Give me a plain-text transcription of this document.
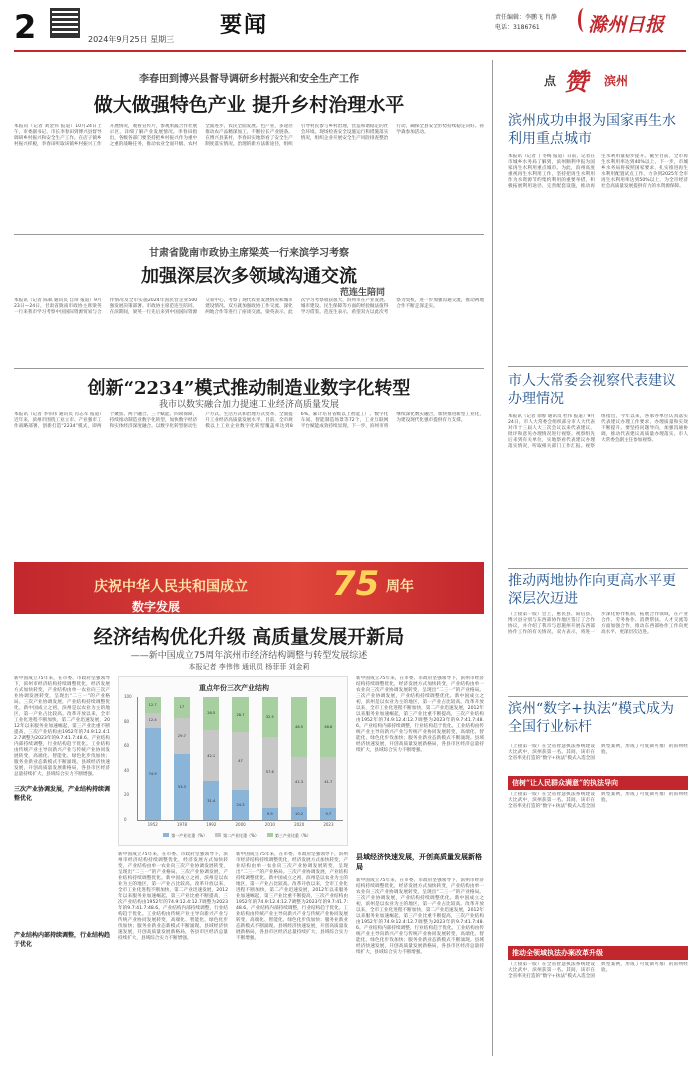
2	要闻
2024年9月25日 星期三
责任编辑：李鹏飞 肖静
电话：3186761	滁州日报
李春田到博兴县督导调研乡村振兴和安全生产工作
做大做强特色产业 提升乡村治理水平
本报讯（记者 刘金伟 报道）10月24日上午，市委副书记、市长李春田到博兴县督导调研乡村振兴和安全生产工作。在店子镇乡村振兴样板，李春田听取该镇乡村振兴工作开展情况，观看宣传片，参观果蔬合作社展示区，详细了解产业发展情况。李春田指出，各级各部门要坚持把乡村振兴作为重中之重的战略任务，推动农业全面升级、农村全面进步、农民全面发展。色产业，多途径推动农产品精深加工，不断拉长产业链条。在博兴县某村，李春田实地察看了安全生产制度落实情况。治理的新方法新途径，组织引导村民参与乡村治理，营造和谐稳定的社会环境。现场检查安全设施运行和措施落实情况，组织企业开展安全生产风险排查整治行动，确保全县安全形势持续稳定向好。孙学森参加活动。
甘肃省陇南市政协主席梁英一行来滨学习考察
加强深层次多领域沟通交流
范连生陪同
本报讯（记者 陈斌 通讯员 自珍 报道）9月23日—24日，甘肃省陇南市政协主席梁英一行来我市学习考察中国国际资源贸易与合作情况及全市实施2024年国民营企业500强发展决策部署。市政协主席范连生陪同。在滨期间，梁英一行先后来到中国国际资源交易中心，考察了现代农业发展情况和城市建设情况。双方就加强政协工作交流、深化两地合作等进行了座谈交流。梁英表示，此次学习考察收获很大，滨州市在产业发展、城市建设、民生保障等方面的经验做法值得学习借鉴。范连生表示，希望双方以此次考察为契机，进一步加强沟通交流，推动两地合作不断走深走实。
创新“2234”模式推动制造业数字化转型
我市以数实融合加力提速工业经济高质量发展
本报讯（记者 李伟伟 通讯员 肖志军 报道）近年来，滨州市围绕工业立市、产业强市工作战略部署，创新打造“2234”模式，即两个聚焦、两个融合、三个赋能、四项保障，持续推动制造业数字化转型，加快数字经济和实体经济深度融合。以数字化转型驱动生产方式、生活方式和治理方式变革，全面提升工业经济高质量发展水平。目前，全市规模以上工业企业数字化转型覆盖率达到86%，累计培育省级以上智能工厂、数字化车间、智能制造场景等72个，工业互联网平台赋能成效持续显现。下一步，滨州市将继续深化数实融合，加快推进新型工业化，为建设现代化强市提供有力支撑。
庆祝中华人民共和国成立 75 周年
数字发展
经济结构优化升级 高质量发展开新局
——新中国成立75周年滨州市经济结构调整与转型发展综述
本报记者 李伟伟 通讯员 杨菲菲 刘金莉
新中国成立75年来，在市委、市政府坚强领导下，滨州市经济结构持续调整优化，经济发展方式加快转变，产业结构由单一农业向三次产业协调发展转变，呈现出“二三一”的产业格局。三次产业协调发展，产业结构持续调整优化。新中国成立之初，滨州是以农业为主的地区，第一产业占比较高。改革开放以来，全市工业化进程不断加快，第二产业迅速发展，2012年以来服务业加速崛起，第三产业比重不断提高，三次产业结构由1952年的74.9:12.4:12.7调整为2023年的9.7:41.7:48.6。产业结构内部持续调整，行业结构趋于优化。工业结构由传统产业主导向新兴产业与传统产业协同发展转变，高端化、智能化、绿色化步伐加快；服务业新业态新模式不断涌现。县域经济快速发展，开创高质量发展新格局，各县市区经济总量持续扩大，县域综合实力不断增强。
三次产业协调发展，产业结构持续调整优化
产业结构内部持续调整，行业结构趋于优化
重点年份三次产业结构
0
20
40
60
80
100
74.9
12.4
12.7
1952
53.3
29.7
17
1978
31.4
42.1
26.5
1992
24.3
47
28.7
2000
9.9
57.6
32.5
2010
10.2
41.3
48.5
2020
9.7
41.7
48.6
2023
第一产业比重（%）	第二产业比重（%）	第三产业比重（%）
新中国成立75年来，在市委、市政府坚强领导下，滨州市经济结构持续调整优化，经济发展方式加快转变，产业结构由单一农业向三次产业协调发展转变，呈现出“二三一”的产业格局。三次产业协调发展，产业结构持续调整优化。新中国成立之初，滨州是以农业为主的地区，第一产业占比较高。改革开放以来，全市工业化进程不断加快，第二产业迅速发展，2012年以来服务业加速崛起，第三产业比重不断提高，三次产业结构由1952年的74.9:12.4:12.7调整为2023年的9.7:41.7:48.6。产业结构内部持续调整，行业结构趋于优化。工业结构由传统产业主导向新兴产业与传统产业协同发展转变，高端化、智能化、绿色化步伐加快；服务业新业态新模式不断涌现。县域经济快速发展，开创高质量发展新格局，各县市区经济总量持续扩大，县域综合实力不断增强。
新中国成立75年来，在市委、市政府坚强领导下，滨州市经济结构持续调整优化，经济发展方式加快转变，产业结构由单一农业向三次产业协调发展转变，呈现出“二三一”的产业格局。三次产业协调发展，产业结构持续调整优化。新中国成立之初，滨州是以农业为主的地区，第一产业占比较高。改革开放以来，全市工业化进程不断加快，第二产业迅速发展，2012年以来服务业加速崛起，第三产业比重不断提高，三次产业结构由1952年的74.9:12.4:12.7调整为2023年的9.7:41.7:48.6。产业结构内部持续调整，行业结构趋于优化。工业结构由传统产业主导向新兴产业与传统产业协同发展转变，高端化、智能化、绿色化步伐加快；服务业新业态新模式不断涌现。县域经济快速发展，开创高质量发展新格局，各县市区经济总量持续扩大，县域综合实力不断增强。
新中国成立75年来，在市委、市政府坚强领导下，滨州市经济结构持续调整优化，经济发展方式加快转变，产业结构由单一农业向三次产业协调发展转变，呈现出“二三一”的产业格局。三次产业协调发展，产业结构持续调整优化。新中国成立之初，滨州是以农业为主的地区，第一产业占比较高。改革开放以来，全市工业化进程不断加快，第二产业迅速发展，2012年以来服务业加速崛起，第三产业比重不断提高，三次产业结构由1952年的74.9:12.4:12.7调整为2023年的9.7:41.7:48.6。产业结构内部持续调整，行业结构趋于优化。工业结构由传统产业主导向新兴产业与传统产业协同发展转变，高端化、智能化、绿色化步伐加快；服务业新业态新模式不断涌现。县域经济快速发展，开创高质量发展新格局，各县市区经济总量持续扩大，县域综合实力不断增强。
县域经济快速发展，开创高质量发展新格局
新中国成立75年来，在市委、市政府坚强领导下，滨州市经济结构持续调整优化，经济发展方式加快转变，产业结构由单一农业向三次产业协调发展转变，呈现出“二三一”的产业格局。三次产业协调发展，产业结构持续调整优化。新中国成立之初，滨州是以农业为主的地区，第一产业占比较高。改革开放以来，全市工业化进程不断加快，第二产业迅速发展，2012年以来服务业加速崛起，第三产业比重不断提高，三次产业结构由1952年的74.9:12.4:12.7调整为2023年的9.7:41.7:48.6。产业结构内部持续调整，行业结构趋于优化。工业结构由传统产业主导向新兴产业与传统产业协同发展转变，高端化、智能化、绿色化步伐加快；服务业新业态新模式不断涌现。县域经济快速发展，开创高质量发展新格局，各县市区经济总量持续扩大，县域综合实力不断增强。
点 赞 滨州
滨州成功申报为国家再生水利用重点城市
本报讯（记者 丁冬梅 报道）日前，记者在市城乡水务局了解到，滨州顺利申报为国家再生水利用重点城市。为此，滨州高度重视再生水利用工作，坚持把再生水利用作为水资源节约集约利用的重要举措，积极拓展利用途径、完善配套设施，推动再生水利用量稳步提升。截至目前，全市再生水利用率达到40%以上。下一步，市城乡水务局将按照国家要求，扎实推进再生水利用配置试点工作，力争到2025年全市再生水利用率达到50%以上，为全市经济社会高质量发展提供有力的水资源保障。
市人大常委会视察代表建议办理情况
本报讯（记者 徐蓉 通讯员 杜伟 报道）9月24日，市人大常委会组织部分市人大代表对市十三届人大三次会议以来代表建议、批评和意见办理情况进行视察。视察组先后来到有关单位，实地察看代表建议办理落实情况，听取相关部门工作汇报。视察组指出，今年以来，各承办单位认真落实代表建议办理工作要求，办理质量和实效不断提升。要坚持问题导向，加强沟通协调，推动代表建议高质量办理落实。市人大常委会副主任参加视察。
推动两地协作向更高水平更深层次迈进
（上接第一版）会上，惠民县、阳信县、博兴县分别与东西部协作地区签订了合作协议，并介绍了我市与恩施州开展东西部协作工作的有关情况。双方表示，将进一步深化协作机制，拓展合作领域，在产业合作、劳务协作、消费帮扶、人才交流等方面加强合作，推动东西部协作工作向更高水平、更深层次迈进。
滨州“数字+执法”模式成为全国行业标杆
（上接第一版）在全省智慧执法系统建设大比武中，滨州获第一名。其间，该市在全省率先打造的“数字+执法”模式入选全国典型案例，形成了可复制可推广的滨州经验。
信树“让人民群众满意”的执法导向
（上接第一版）在全省智慧执法系统建设大比武中，滨州获第一名。其间，该市在全省率先打造的“数字+执法”模式入选全国典型案例，形成了可复制可推广的滨州经验。
推动全领域执法办案改革升级
（上接第一版）在全省智慧执法系统建设大比武中，滨州获第一名。其间，该市在全省率先打造的“数字+执法”模式入选全国典型案例，形成了可复制可推广的滨州经验。
